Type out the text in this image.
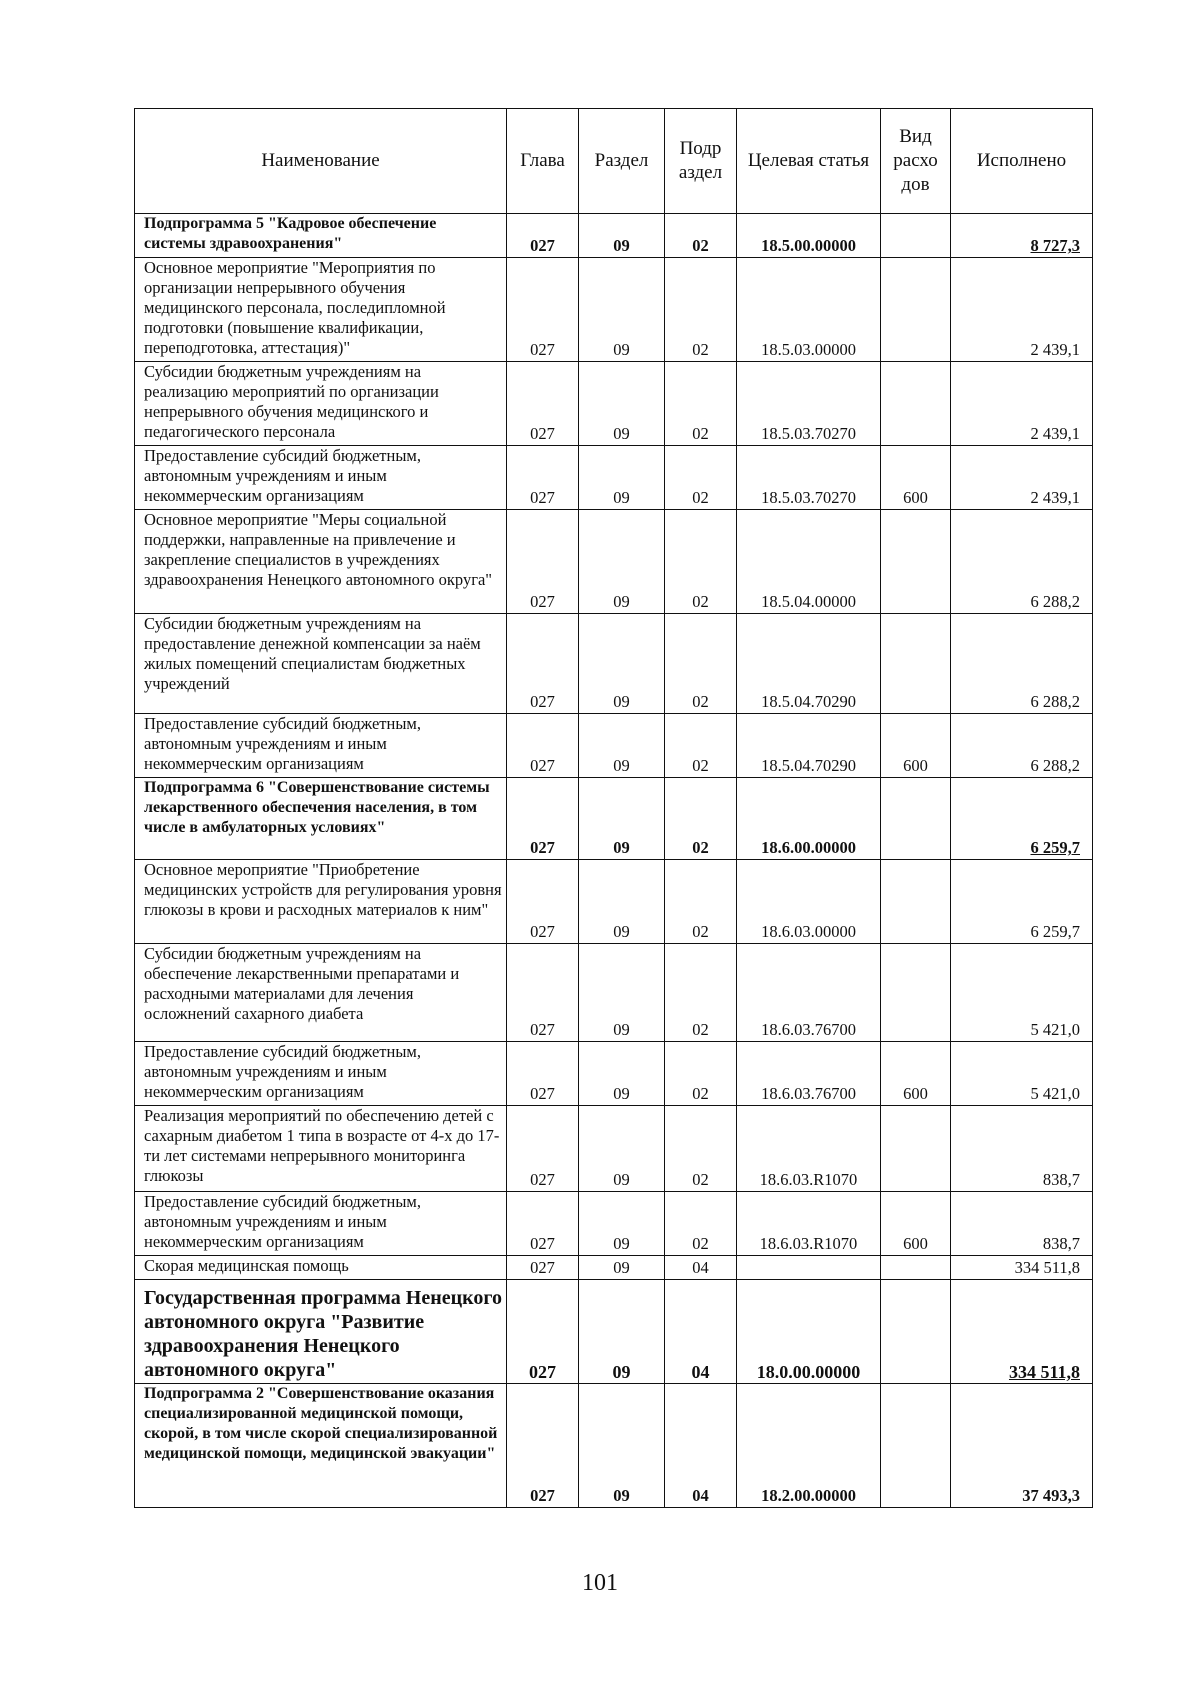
Наименование	Глава	Раздел	Подр аздел	Целевая статья	Вид расхо дов	Исполнено
Подпрограмма 5 "Кадровое обеспечение системы здравоохранения"	027	09	02	18.5.00.00000		8 727,3
Основное мероприятие "Мероприятия по организации непрерывного обучения медицинского персонала, последипломной подготовки (повышение квалификации, переподготовка, аттестация)"	027	09	02	18.5.03.00000		2 439,1
Субсидии бюджетным учреждениям на реализацию мероприятий по организации непрерывного обучения медицинского и педагогического персонала	027	09	02	18.5.03.70270		2 439,1
Предоставление субсидий бюджетным, автономным учреждениям и иным некоммерческим организациям	027	09	02	18.5.03.70270	600	2 439,1
Основное мероприятие "Меры социальной поддержки, направленные на привлечение и закрепление специалистов в учреждениях здравоохранения Ненецкого автономного округа"	027	09	02	18.5.04.00000		6 288,2
Субсидии бюджетным учреждениям на предоставление денежной компенсации за наём жилых помещений специалистам бюджетных учреждений	027	09	02	18.5.04.70290		6 288,2
Предоставление субсидий бюджетным, автономным учреждениям и иным некоммерческим организациям	027	09	02	18.5.04.70290	600	6 288,2
Подпрограмма 6 "Совершенствование системы лекарственного обеспечения населения, в том числе в амбулаторных условиях"	027	09	02	18.6.00.00000		6 259,7
Основное мероприятие "Приобретение медицинских устройств для регулирования уровня глюкозы в крови и расходных материалов к ним"	027	09	02	18.6.03.00000		6 259,7
Субсидии бюджетным учреждениям на обеспечение лекарственными препаратами и расходными материалами для лечения осложнений сахарного диабета	027	09	02	18.6.03.76700		5 421,0
Предоставление субсидий бюджетным, автономным учреждениям и иным некоммерческим организациям	027	09	02	18.6.03.76700	600	5 421,0
Реализация мероприятий по обеспечению детей с сахарным диабетом 1 типа в возрасте от 4-х до 17-ти лет системами непрерывного мониторинга глюкозы	027	09	02	18.6.03.R1070		838,7
Предоставление субсидий бюджетным, автономным учреждениям и иным некоммерческим организациям	027	09	02	18.6.03.R1070	600	838,7
Скорая медицинская помощь	027	09	04			334 511,8
Государственная программа Ненецкого автономного округа "Развитие здравоохранения Ненецкого автономного округа"	027	09	04	18.0.00.00000		334 511,8
Подпрограмма 2 "Совершенствование оказания специализированной медицинской помощи, скорой, в том числе скорой специализированной медицинской помощи, медицинской эвакуации"	027	09	04	18.2.00.00000		37 493,3
101
